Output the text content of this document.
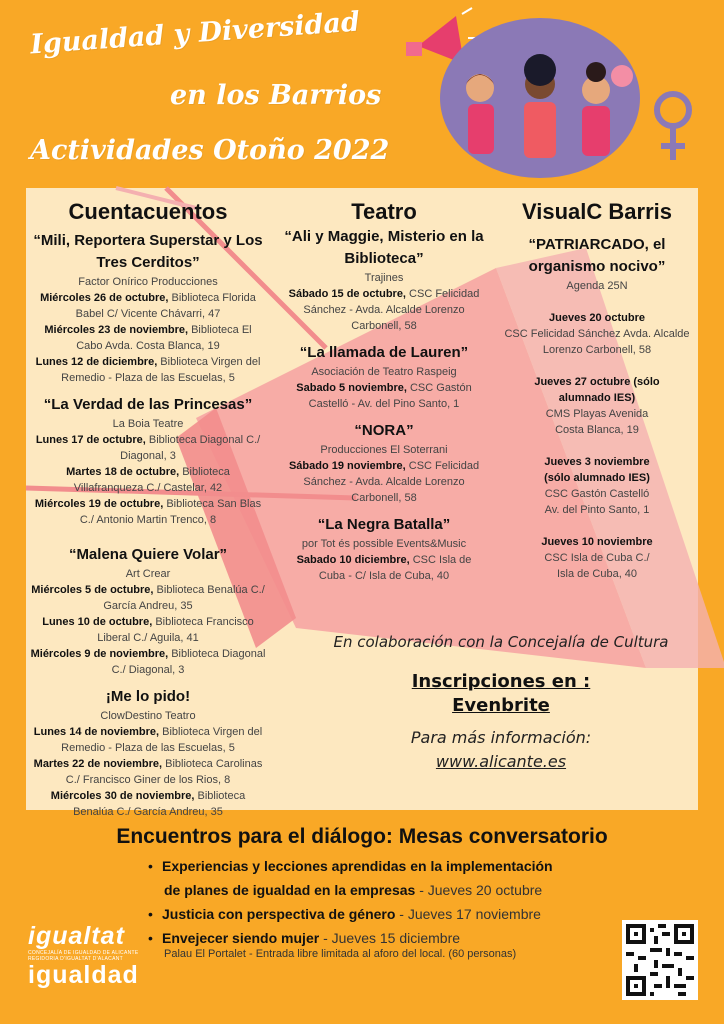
Igualdad y Diversidad
en los Barrios
Actividades Otoño 2022
Cuentacuentos
“Mili, Reportera Superstar y Los Tres Cerditos”
Factor Onírico Producciones
Miércoles 26 de octubre, Biblioteca Florida Babel C/ Vicente Chávarri, 47
Miércoles 23 de noviembre, Biblioteca El Cabo Avda. Costa Blanca, 19
Lunes 12 de diciembre, Biblioteca Virgen del Remedio - Plaza de las Escuelas, 5
“La Verdad de las Princesas”
La Boia Teatre
Lunes 17 de octubre, Biblioteca Diagonal C./ Diagonal, 3
Martes 18 de octubre, Biblioteca Villafranqueza C./ Castelar, 42
Miércoles 19 de octubre, Biblioteca San Blas C./ Antonio Martin Trenco, 8
“Malena Quiere Volar”
Art Crear
Miércoles 5 de octubre, Biblioteca Benalúa C./ García Andreu, 35
Lunes 10 de octubre, Biblioteca Francisco Liberal C./ Aguila, 41
Miércoles 9 de noviembre, Biblioteca Diagonal C./ Diagonal, 3
¡Me lo pido!
ClowDestino Teatro
Lunes 14 de noviembre, Biblioteca Virgen del Remedio - Plaza de las Escuelas, 5
Martes 22 de noviembre, Biblioteca Carolinas C./ Francisco Giner de los Rios, 8
Miércoles 30 de noviembre, Biblioteca Benalúa C./ García Andreu, 35
Teatro
“Ali y Maggie, Misterio en la Biblioteca”
Trajines
Sábado 15 de octubre, CSC Felicidad Sánchez - Avda. Alcalde Lorenzo Carbonell, 58
“La llamada de Lauren”
Asociación de Teatro Raspeig
Sabado 5 noviembre, CSC Gastón Castelló - Av. del Pino Santo, 1
“NORA”
Producciones El Soterrani
Sábado 19 noviembre, CSC Felicidad Sánchez - Avda. Alcalde Lorenzo Carbonell, 58
“La Negra Batalla”
por Tot és possible Events&Music
Sabado 10 diciembre, CSC Isla de Cuba - C/ Isla de Cuba, 40
VisualC Barris
“PATRIARCADO, el organismo nocivo”
Agenda 25N
Jueves 20 octubre
CSC Felicidad Sánchez Avda. Alcalde Lorenzo Carbonell, 58
Jueves 27 octubre (sólo alumnado IES)
CMS Playas Avenida Costa Blanca, 19
Jueves 3 noviembre (sólo alumnado IES)
CSC Gastón Castelló Av. del Pinto Santo, 1
Jueves 10 noviembre
CSC Isla de Cuba C./ Isla de Cuba, 40
En colaboración con la Concejalía de Cultura
Inscripciones en :
Evenbrite
Para más información:
www.alicante.es
Encuentros para el diálogo: Mesas conversatorio
• Experiencias y lecciones aprendidas en la implementación
de planes de igualdad en la empresas - Jueves 20 octubre
• Justicia con perspectiva de género - Jueves 17 noviembre
• Envejecer siendo mujer - Jueves 15 diciembre
Palau El Portalet - Entrada libre limitada al aforo del local. (60 personas)
igualtat
CONCEJALÍA DE IGUALDAD DE ALICANTE
REGIDORIA D'IGUALTAT D'ALACANT
igualdad
